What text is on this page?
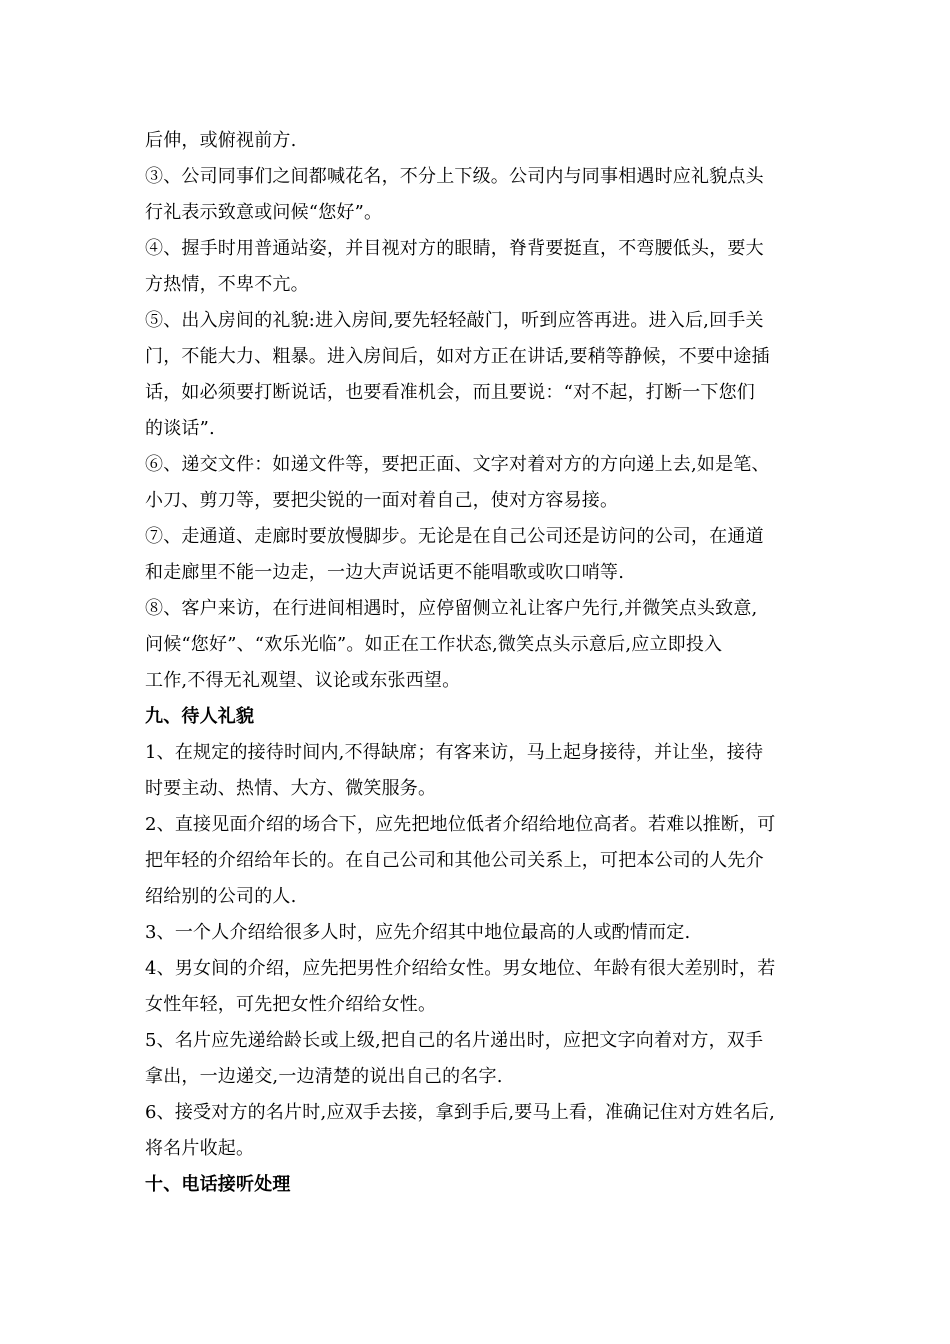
后伸，或俯视前方.
③、公司同事们之间都喊花名，不分上下级。公司内与同事相遇时应礼貌点头
行礼表示致意或问候“您好”。
④、握手时用普通站姿，并目视对方的眼睛，脊背要挺直，不弯腰低头，要大
方热情，不卑不亢。
⑤、出入房间的礼貌:进入房间,要先轻轻敲门，听到应答再进。进入后,回手关
门，不能大力、粗暴。进入房间后，如对方正在讲话,要稍等静候，不要中途插
话，如必须要打断说话，也要看准机会，而且要说：“对不起，打断一下您们
的谈话”.
⑥、递交文件：如递文件等，要把正面、文字对着对方的方向递上去,如是笔、
小刀、剪刀等，要把尖锐的一面对着自己，使对方容易接。
⑦、走通道、走廊时要放慢脚步。无论是在自己公司还是访问的公司，在通道
和走廊里不能一边走，一边大声说话更不能唱歌或吹口哨等.
⑧、客户来访，在行进间相遇时，应停留侧立礼让客户先行,并微笑点头致意,
问候“您好”、“欢乐光临”。如正在工作状态,微笑点头示意后,应立即投入
工作,不得无礼观望、议论或东张西望。
九、待人礼貌
1、在规定的接待时间内,不得缺席；有客来访，马上起身接待，并让坐，接待
时要主动、热情、大方、微笑服务。
2、直接见面介绍的场合下，应先把地位低者介绍给地位高者。若难以推断，可
把年轻的介绍给年长的。在自己公司和其他公司关系上，可把本公司的人先介
绍给别的公司的人.
3、一个人介绍给很多人时，应先介绍其中地位最高的人或酌情而定.
4、男女间的介绍，应先把男性介绍给女性。男女地位、年龄有很大差别时，若
女性年轻，可先把女性介绍给女性。
5、名片应先递给龄长或上级,把自己的名片递出时，应把文字向着对方，双手
拿出，一边递交,一边清楚的说出自己的名字.
6、接受对方的名片时,应双手去接，拿到手后,要马上看，准确记住对方姓名后,
将名片收起。
十、电话接听处理
